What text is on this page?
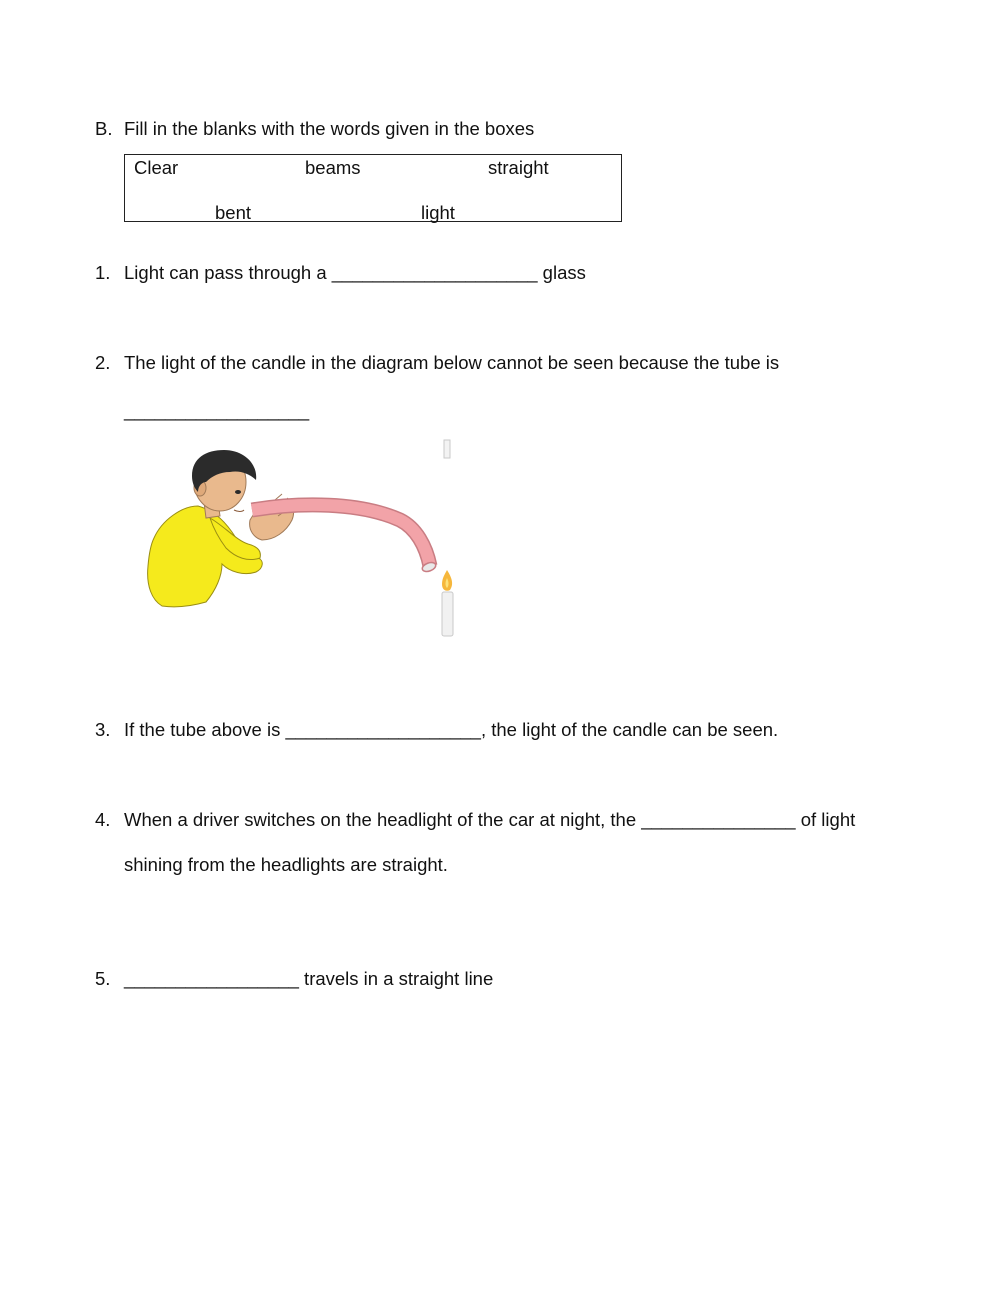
B. Fill in the blanks with the words given in the boxes
Clear	beams	straight
bent	light
1. Light can pass through a ____________________ glass
2. The light of the candle in the diagram below cannot be seen because the tube is
__________________
3. If the tube above is ___________________, the light of the candle can be seen.
4. When a driver switches on the headlight of the car at night, the _______________ of light
shining from the headlights are straight.
5. _________________ travels in a straight line
